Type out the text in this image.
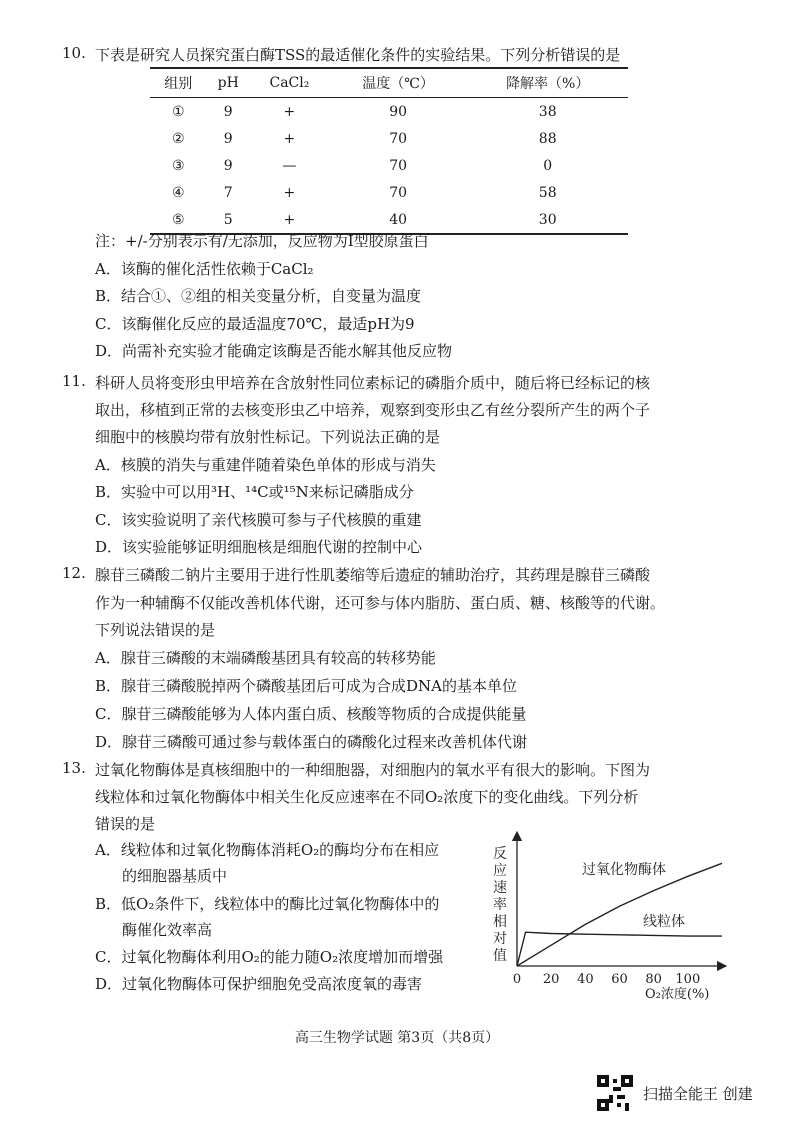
10. 下表是研究人员探究蛋白酶TSS的最适催化条件的实验结果。下列分析错误的是
组别	pH	CaCl₂	温度（℃）	降解率（%）
①	9	+	90	38
②	9	+	70	88
③	9	—	70	0
④	7	+	70	58
⑤	5	+	40	30
注：+/-分别表示有/无添加，反应物为Ⅰ型胶原蛋白
A．该酶的催化活性依赖于CaCl₂
B．结合①、②组的相关变量分析，自变量为温度
C．该酶催化反应的最适温度70℃，最适pH为9
D．尚需补充实验才能确定该酶是否能水解其他反应物
11. 科研人员将变形虫甲培养在含放射性同位素标记的磷脂介质中，随后将已经标记的核
取出，移植到正常的去核变形虫乙中培养，观察到变形虫乙有丝分裂所产生的两个子
细胞中的核膜均带有放射性标记。下列说法正确的是
A．核膜的消失与重建伴随着染色单体的形成与消失
B．实验中可以用³H、¹⁴C或¹⁵N来标记磷脂成分
C．该实验说明了亲代核膜可参与子代核膜的重建
D．该实验能够证明细胞核是细胞代谢的控制中心
12. 腺苷三磷酸二钠片主要用于进行性肌萎缩等后遗症的辅助治疗，其药理是腺苷三磷酸
作为一种辅酶不仅能改善机体代谢，还可参与体内脂肪、蛋白质、糖、核酸等的代谢。
下列说法错误的是
A．腺苷三磷酸的末端磷酸基团具有较高的转移势能
B．腺苷三磷酸脱掉两个磷酸基团后可成为合成DNA的基本单位
C．腺苷三磷酸能够为人体内蛋白质、核酸等物质的合成提供能量
D．腺苷三磷酸可通过参与载体蛋白的磷酸化过程来改善机体代谢
13. 过氧化物酶体是真核细胞中的一种细胞器，对细胞内的氧水平有很大的影响。下图为
线粒体和过氧化物酶体中相关生化反应速率在不同O₂浓度下的变化曲线。下列分析
错误的是
A．线粒体和过氧化物酶体消耗O₂的酶均分布在相应
的细胞器基质中
B．低O₂条件下，线粒体中的酶比过氧化物酶体中的
酶催化效率高
C．过氧化物酶体利用O₂的能力随O₂浓度增加而增强
D．过氧化物酶体可保护细胞免受高浓度氧的毒害
反
应
速
率
相
对
值
0 20 40 60 80 100
O₂浓度(%)
过氧化物酶体
线粒体
高三生物学试题 第3页（共8页）
扫描全能王 创建
